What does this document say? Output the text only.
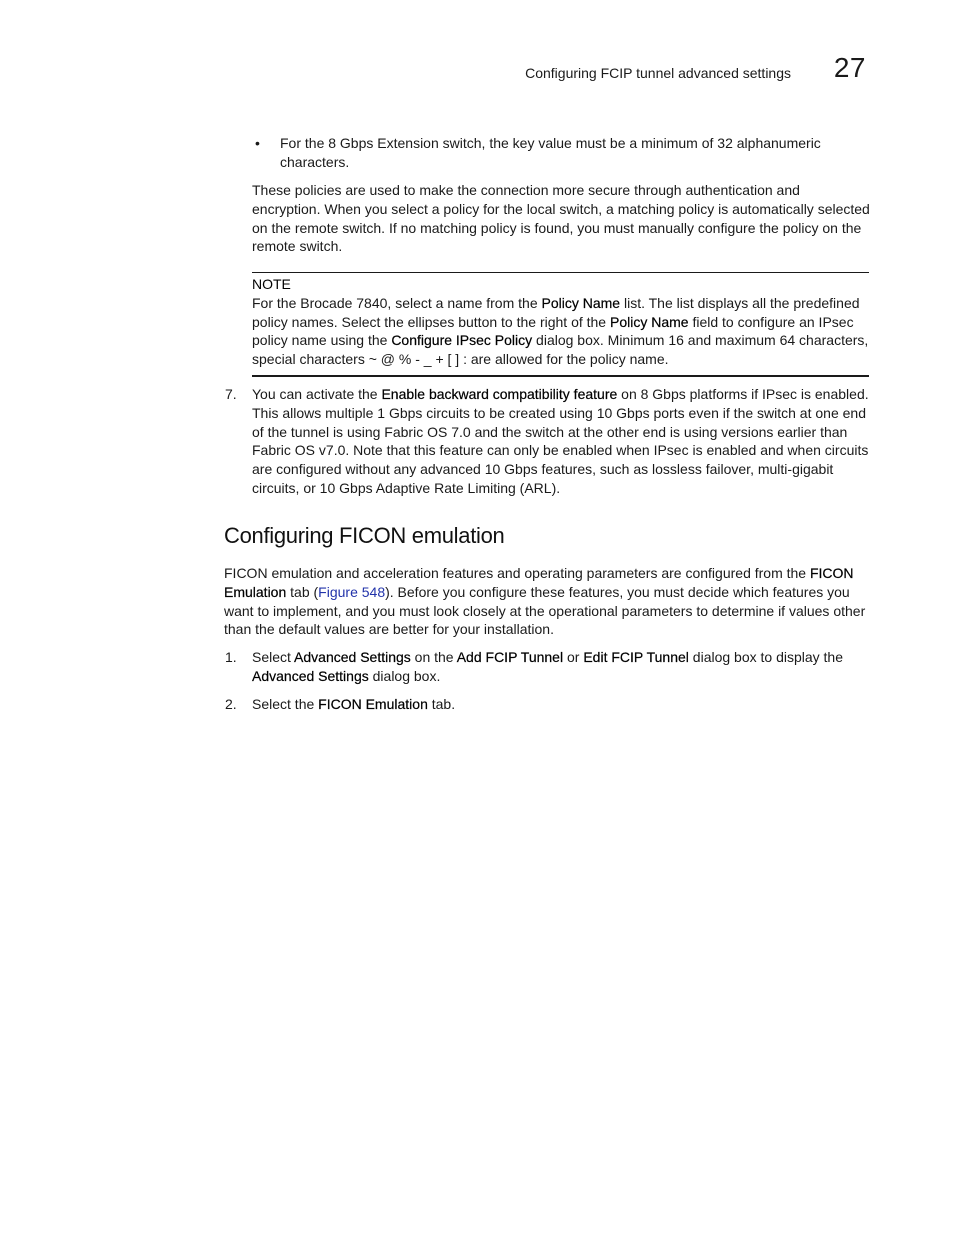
Configuring FCIP tunnel advanced settings 27
• For the 8 Gbps Extension switch, the key value must be a minimum of 32 alphanumeric characters.

These policies are used to make the connection more secure through authentication and encryption. When you select a policy for the local switch, a matching policy is automatically selected on the remote switch. If no matching policy is found, you must manually configure the policy on the remote switch.

NOTE

For the Brocade 7840, select a name from the Policy Name list. The list displays all the predefined policy names. Select the ellipses button to the right of the Policy Name field to configure an IPsec policy name using the Configure IPsec Policy dialog box. Minimum 16 and maximum 64 characters, special characters ~ @ % - _ + [ ] : are allowed for the policy name.

7. You can activate the Enable backward compatibility feature on 8 Gbps platforms if IPsec is enabled. This allows multiple 1 Gbps circuits to be created using 10 Gbps ports even if the switch at one end of the tunnel is using Fabric OS 7.0 and the switch at the other end is using versions earlier than Fabric OS v7.0. Note that this feature can only be enabled when IPsec is enabled and when circuits are configured without any advanced 10 Gbps features, such as lossless failover, multi-gigabit circuits, or 10 Gbps Adaptive Rate Limiting (ARL).

Configuring FICON emulation

FICON emulation and acceleration features and operating parameters are configured from the FICON Emulation tab (Figure 548). Before you configure these features, you must decide which features you want to implement, and you must look closely at the operational parameters to determine if values other than the default values are better for your installation.

1. Select Advanced Settings on the Add FCIP Tunnel or Edit FCIP Tunnel dialog box to display the Advanced Settings dialog box.

2. Select the FICON Emulation tab.
